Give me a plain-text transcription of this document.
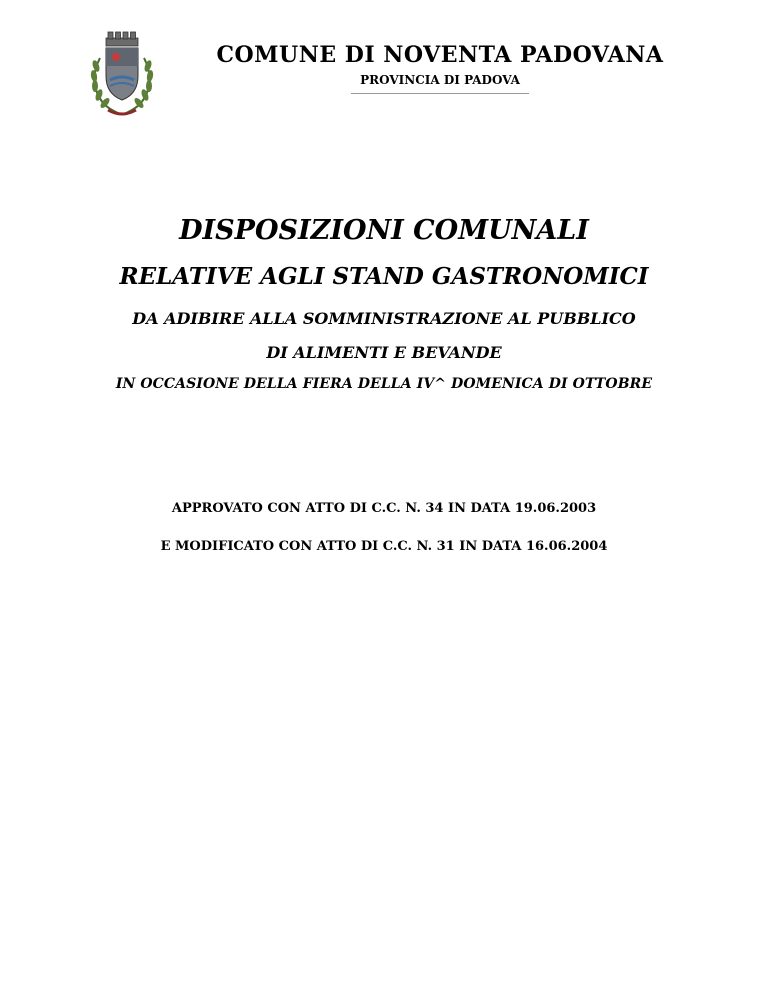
COMUNE DI NOVENTA PADOVANA

PROVINCIA DI PADOVA

DISPOSIZIONI COMUNALI

RELATIVE AGLI STAND GASTRONOMICI

DA ADIBIRE ALLA SOMMINISTRAZIONE AL PUBBLICO

DI ALIMENTI E BEVANDE

IN OCCASIONE DELLA FIERA DELLA IV^ DOMENICA DI OTTOBRE

APPROVATO CON ATTO DI C.C. N. 34 IN DATA 19.06.2003

E MODIFICATO CON ATTO DI C.C. N. 31 IN DATA 16.06.2004
